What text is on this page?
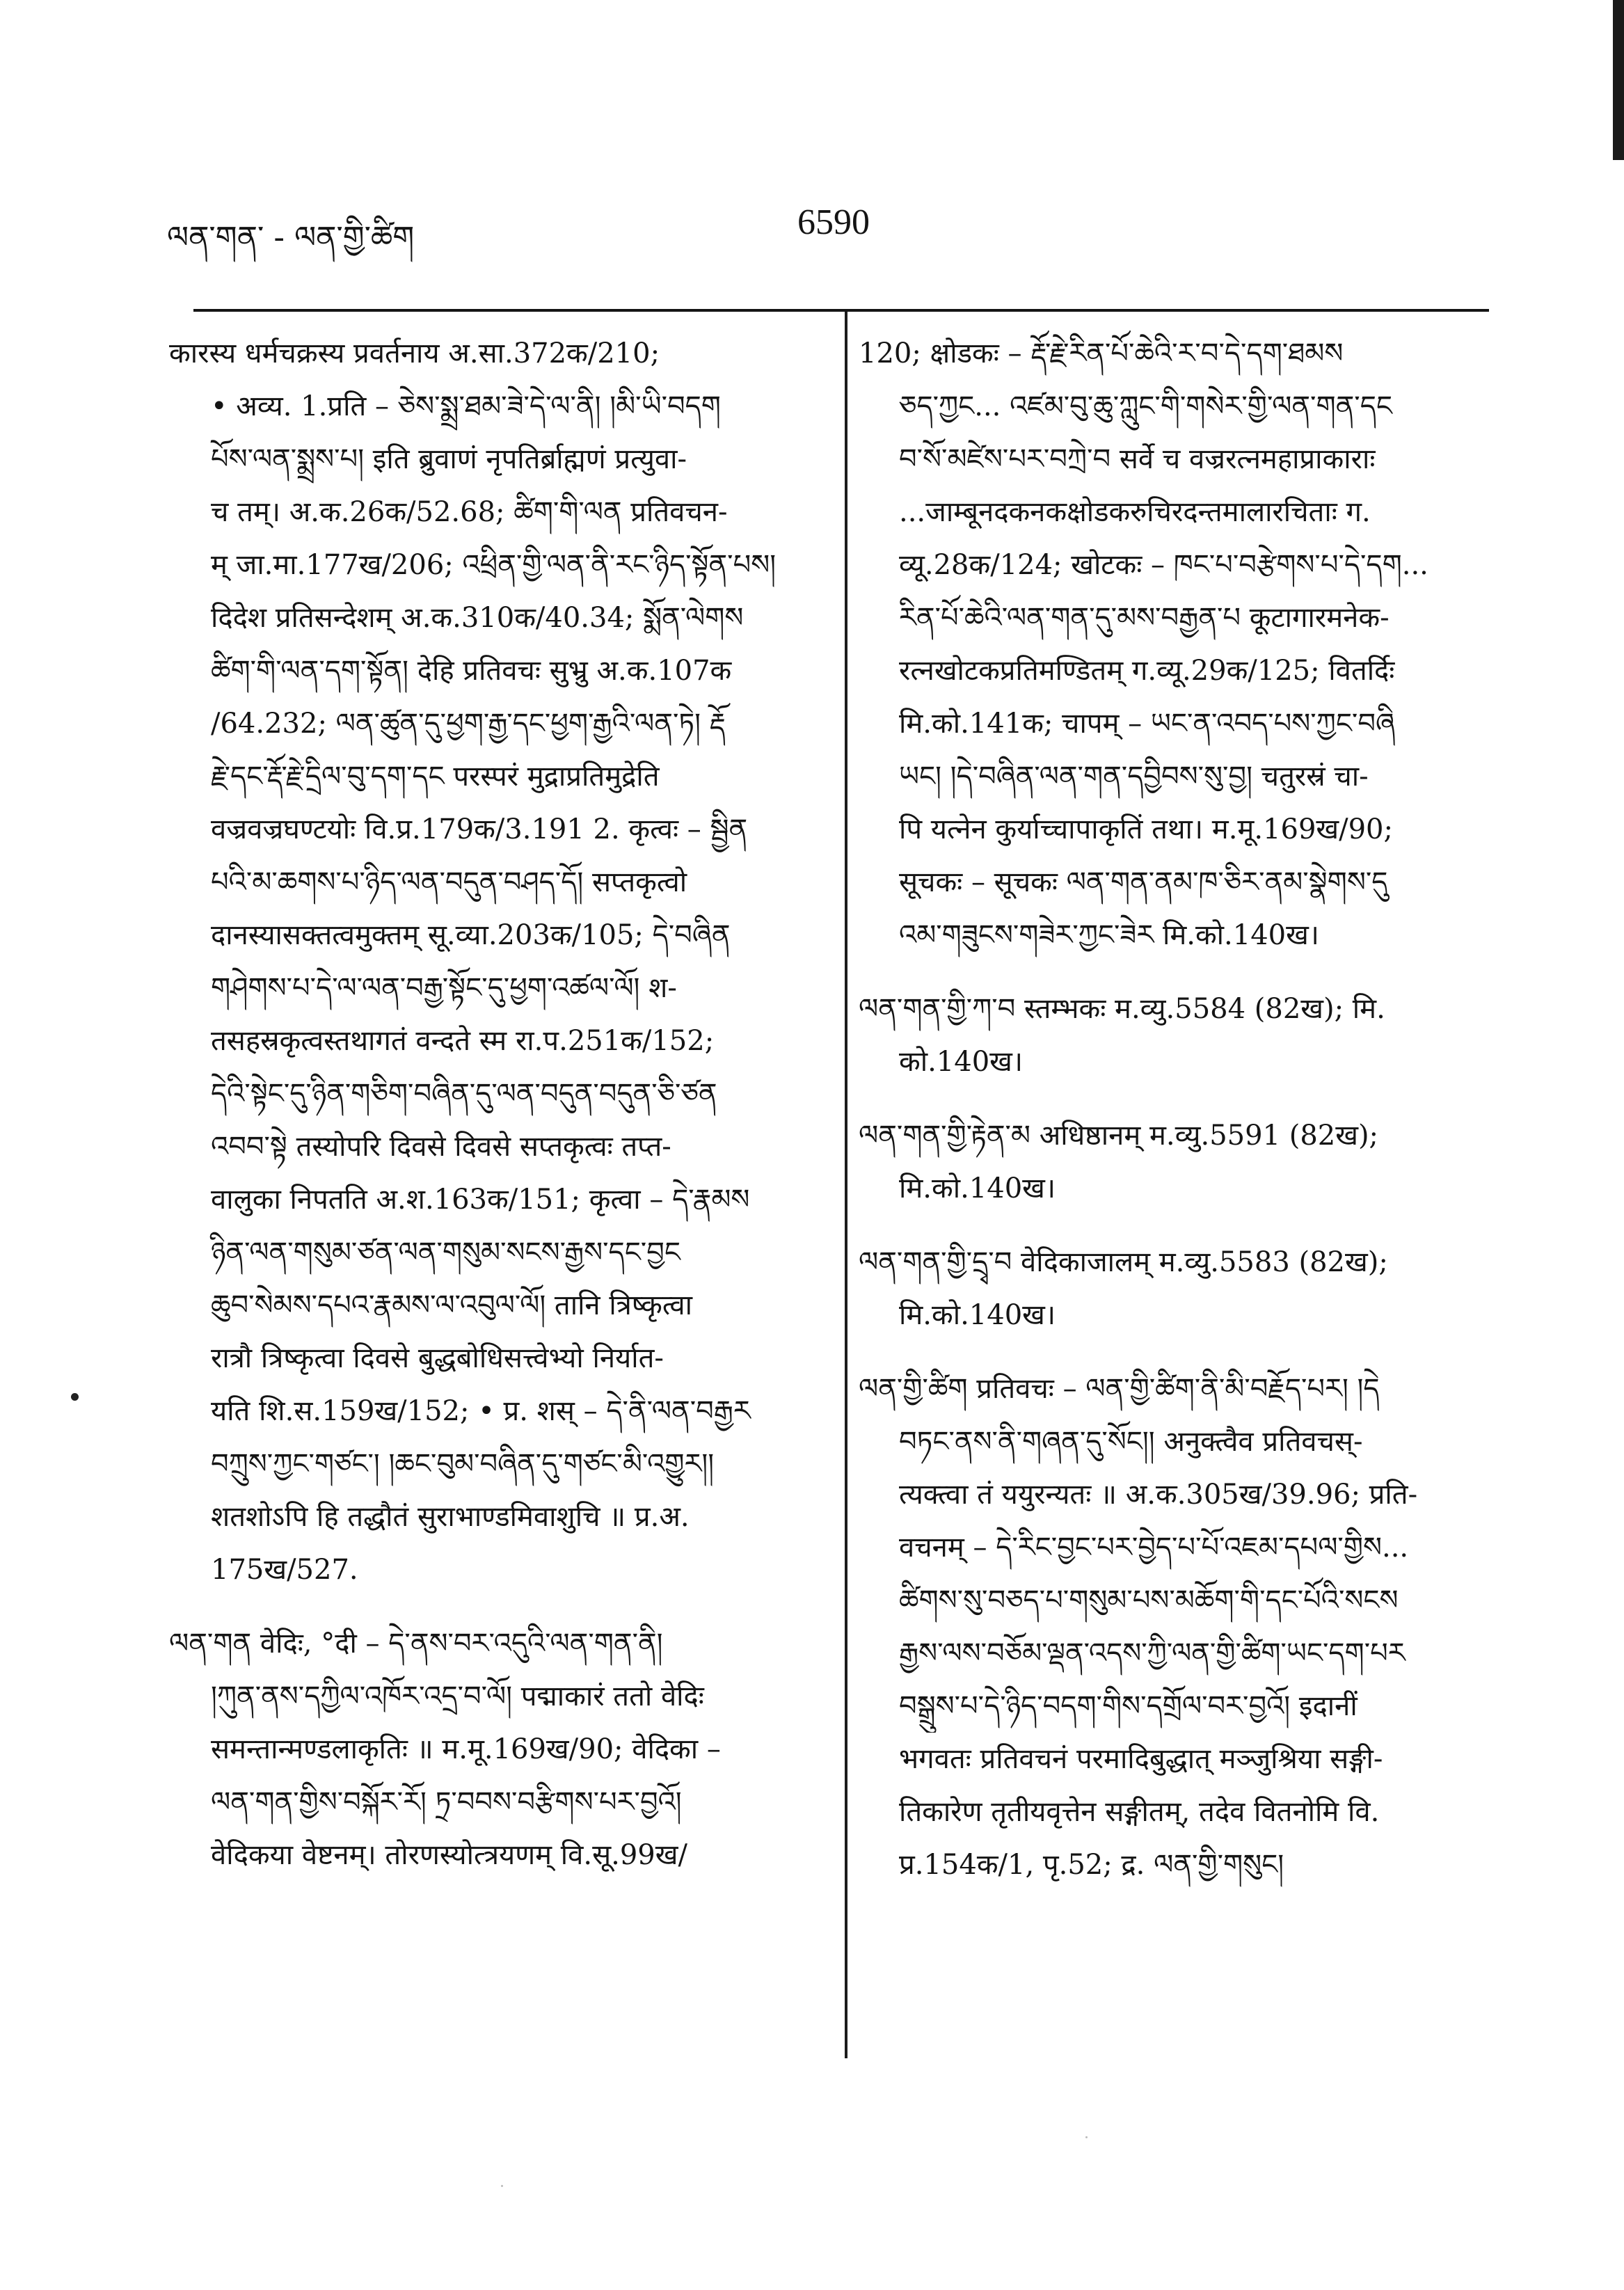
ལན་གན་ - ལན་གྱི་ཚིག	6590
कारस्य धर्मचक्रस्य प्रवर्तनाय अ.सा.372क/210;
• अव्य. 1.प्रति – ཅེས་སྨྲ་ཐམ་ཟེ་དེ་ལ་ནི། །མི་ཡི་བདག
པོས་ལན་སྨྲས་པ། इति ब्रुवाणं नृपतिर्ब्राह्मणं प्रत्युवा-
च तम्। अ.क.26क/52.68; ཚིག་གི་ལན प्रतिवचन-
म् जा.मा.177ख/206; འཕྲིན་གྱི་ལན་ནི་རང་ཉིད་སྟོན་པས།
दिदेश प्रतिसन्देशम् अ.क.310क/40.34; སྨོན་ལེགས
ཚིག་གི་ལན་དག་སྟོན། देहि प्रतिवचः सुभ्रु अ.क.107क
/64.232; ལན་ཚུན་དུ་ཕྱག་རྒྱ་དང་ཕྱག་རྒྱའི་ལན་ཏེ། རྡོ
རྗེ་དང་རྡོ་རྗེ་དྲིལ་བུ་དག་དང परस्परं मुद्राप्रतिमुद्रेति
वज्रवज्रघण्टयोः वि.प्र.179क/3.191 2. कृत्वः – སྦྱིན
པའི་མ་ཆགས་པ་ཉིད་ལན་བདུན་བཤད་དོ། सप्तकृत्वो
दानस्यासक्तत्वमुक्तम् सू.व्या.203क/105; དེ་བཞིན
གཤེགས་པ་དེ་ལ་ལན་བརྒྱ་སྟོང་དུ་ཕྱག་འཚལ་ལོ། श-
तसहस्रकृत्वस्तथागतं वन्दते स्म रा.प.251क/152;
དེའི་སྟེང་དུ་ཉིན་གཅིག་བཞིན་དུ་ལན་བདུན་བདུན་ཅི་ཙན
འབབ་སྟེ तस्योपरि दिवसे दिवसे सप्तकृत्वः तप्त-
वालुका निपतति अ.श.163क/151; कृत्वा – དེ་རྣམས
ཉིན་ལན་གསུམ་ཙན་ལན་གསུམ་སངས་རྒྱས་དང་བྱང
ཆུབ་སེམས་དཔའ་རྣམས་ལ་འབུལ་ལོ། तानि त्रिष्कृत्वा
रात्रौ त्रिष्कृत्वा दिवसे बुद्धबोधिसत्त्वेभ्यो निर्यात-
यति शि.स.159ख/152; • प्र. शस् – དེ་ནི་ལན་བརྒྱར
བཀྲུས་ཀྱང་གཙང་། །ཆང་བུམ་བཞིན་དུ་གཙང་མི་འགྱུར།།
शतशोऽपि हि तद्धौतं सुराभाण्डमिवाशुचि ॥ प्र.अ.
175ख/527.
ལན་གན वेदिः, °दी – དེ་ནས་བར་འདུའི་ལན་གན་ནི།
།ཀུན་ནས་དཀྱིལ་འཁོར་འདྲ་བ་ལོ། पद्माकारं ततो वेदिः
समन्तान्मण्डलाकृतिः ॥ म.मू.169ख/90; वेदिका –
ལན་གན་གྱིས་བསྐོར་རོ། ཏྲ་བབས་བརྩིགས་པར་བྱའོ།
वेदिकया वेष्टनम्। तोरणस्योत्त्रयणम् वि.सू.99ख/
120; क्षोडकः – རྡོ་རྗེ་རིན་པོ་ཆེའི་ར་བ་དེ་དག་ཐམས
ཅད་ཀྱང... འཛམ་བུ་ཆུ་ཀླུང་གི་གསེར་གྱི་ལན་གན་དང
བ་སོ་མཛེས་པར་བཀྲེ་བ सर्वे च वज्ररत्नमहाप्राकाराः
...जाम्बूनदकनकक्षोडकरुचिरदन्तमालारचिताः ग.
व्यू.28क/124; खोटकः – ཁང་པ་བརྩེགས་པ་དེ་དག...
རིན་པོ་ཆེའི་ལན་གན་དུ་མས་བརྒྱན་པ कूटागारमनेक-
रत्नखोटकप्रतिमण्डितम् ग.व्यू.29क/125; वितर्दिः
मि.को.141क; चापम् – ཡང་ན་འབད་པས་ཀྱང་བཞི
ཡང། །དེ་བཞིན་ལན་གན་དབྱིབས་སུ་བྱ། चतुरस्रं चा-
पि यत्नेन कुर्याच्चापाकृतिं तथा। म.मू.169ख/90;
सूचकः – सूचकः ལན་གན་ནམ་ཁ་ཅིར་ནམ་སྣེགས་དུ
འམ་གཟུངས་གཟེར་ཀྱང་ཟེར मि.को.140ख।
ལན་གན་གྱི་ཀ་བ स्तम्भकः म.व्यु.5584 (82ख); मि.
को.140ख।
ལན་གན་གྱི་རྟེན་མ अधिष्ठानम् म.व्यु.5591 (82ख);
मि.को.140ख।
ལན་གན་གྱི་དྲྭ་བ वेदिकाजालम् म.व्यु.5583 (82ख);
मि.को.140ख।
ལན་གྱི་ཚིག प्रतिवचः – ལན་གྱི་ཚིག་ནི་མི་བརྗོད་པར། །དེ
བཏང་ནས་ནི་གཞན་དུ་སོང།། अनुक्त्वैव प्रतिवचस्-
त्यक्त्वा तं ययुरन्यतः ॥ अ.क.305ख/39.96; प्रति-
वचनम् – དེ་རིང་བྱང་པར་བྱེད་པ་པོ་འཇམ་དཔལ་གྱིས...
ཚིགས་སུ་བཅད་པ་གསུམ་པས་མཆོག་གི་དང་པོའི་སངས
རྒྱས་ལས་བཅོམ་ལྡན་འདས་ཀྱི་ལན་གྱི་ཚིག་ཡང་དག་པར
བསྒྲུས་པ་དེ་ཉིད་བདག་གིས་དགྲོལ་བར་བྱའོ། इदानीं
भगवतः प्रतिवचनं परमादिबुद्धात् मञ्जुश्रिया सङ्गी-
तिकारेण तृतीयवृत्तेन सङ्गीतम्, तदेव वितनोमि वि.
प्र.154क/1, पृ.52; द्र. ལན་གྱི་གསུང།
